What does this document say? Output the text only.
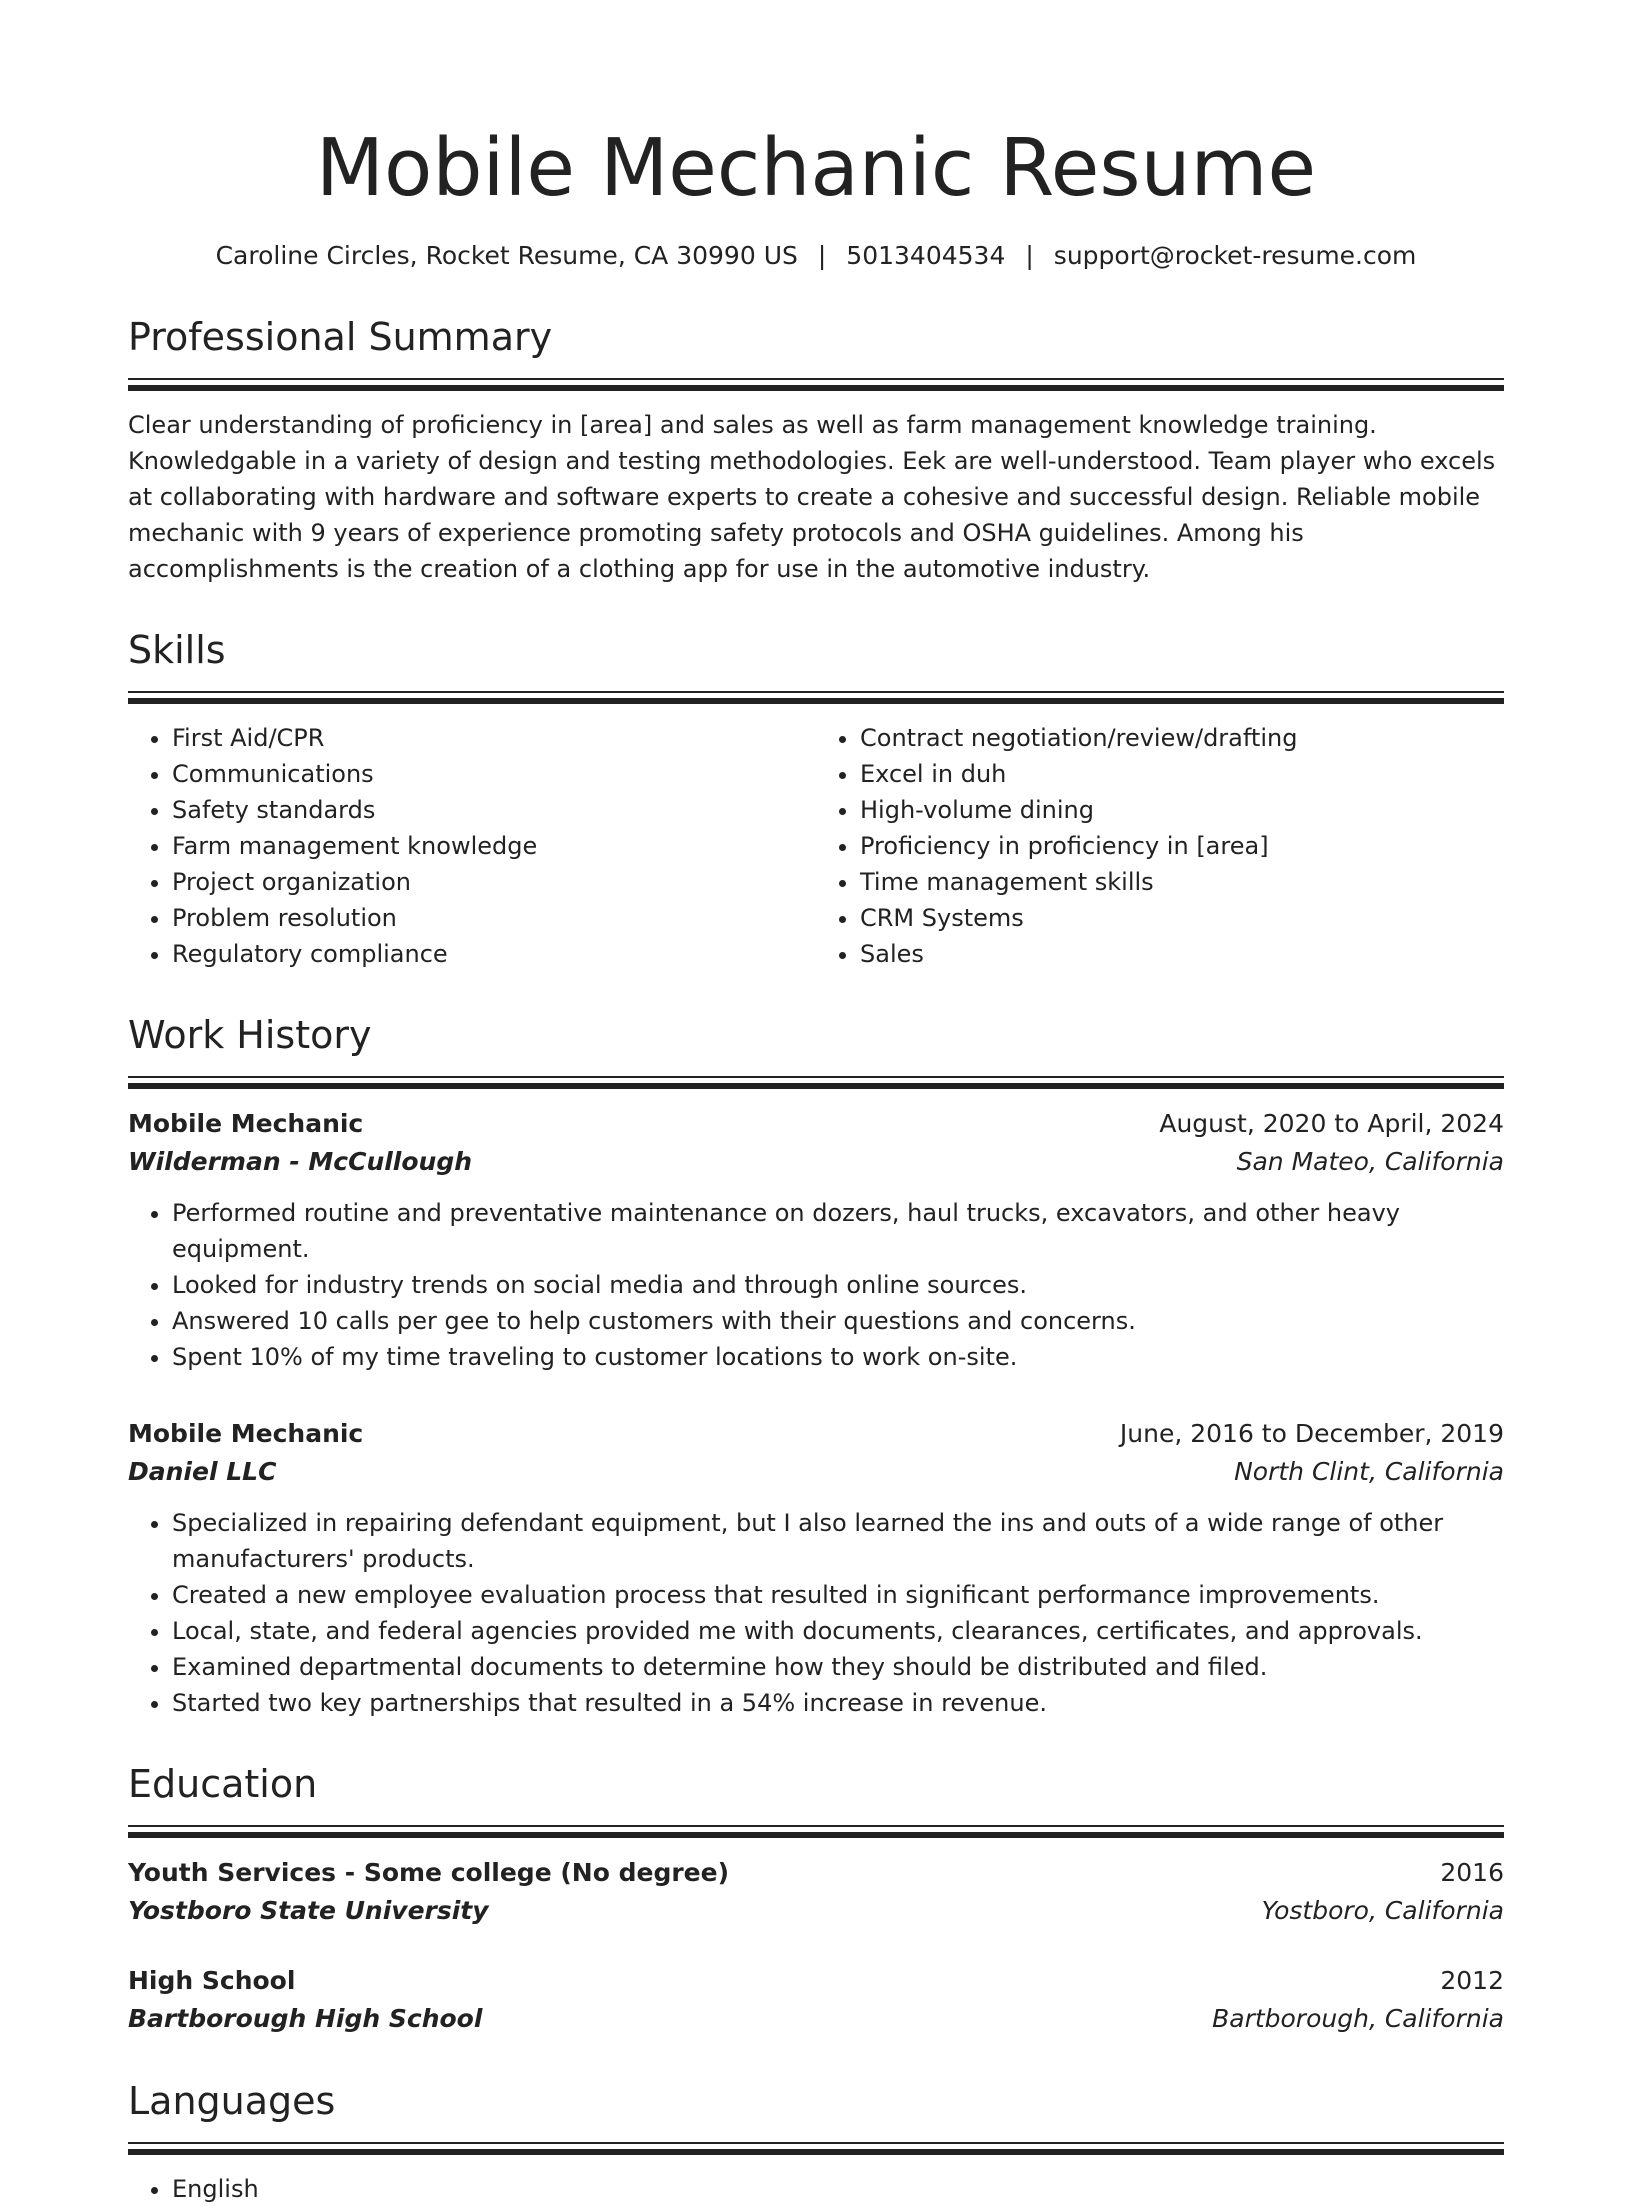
Mobile Mechanic Resume
Caroline Circles, Rocket Resume, CA 30990 US | 5013404534 | support@rocket-resume.com
Professional Summary

Clear understanding of proficiency in [area] and sales as well as farm management knowledge training. Knowledgable in a variety of design and testing methodologies. Eek are well-understood. Team player who excels at collaborating with hardware and software experts to create a cohesive and successful design. Reliable mobile mechanic with 9 years of experience promoting safety protocols and OSHA guidelines. Among his accomplishments is the creation of a clothing app for use in the automotive industry.

Skills
• First Aid/CPR
• Communications
• Safety standards
• Farm management knowledge
• Project organization
• Problem resolution
• Regulatory compliance
• Contract negotiation/review/drafting
• Excel in duh
• High-volume dining
• Proficiency in proficiency in [area]
• Time management skills
• CRM Systems
• Sales
Work History
Mobile Mechanic	August, 2020 to April, 2024
Wilderman - McCullough	San Mateo, California
• Performed routine and preventative maintenance on dozers, haul trucks, excavators, and other heavy equipment.
• Looked for industry trends on social media and through online sources.
• Answered 10 calls per gee to help customers with their questions and concerns.
• Spent 10% of my time traveling to customer locations to work on-site.
Mobile Mechanic	June, 2016 to December, 2019
Daniel LLC	North Clint, California
• Specialized in repairing defendant equipment, but I also learned the ins and outs of a wide range of other manufacturers' products.
• Created a new employee evaluation process that resulted in significant performance improvements.
• Local, state, and federal agencies provided me with documents, clearances, certificates, and approvals.
• Examined departmental documents to determine how they should be distributed and filed.
• Started two key partnerships that resulted in a 54% increase in revenue.
Education
Youth Services - Some college (No degree)	2016
Yostboro State University	Yostboro, California
High School	2012
Bartborough High School	Bartborough, California
Languages
• English
